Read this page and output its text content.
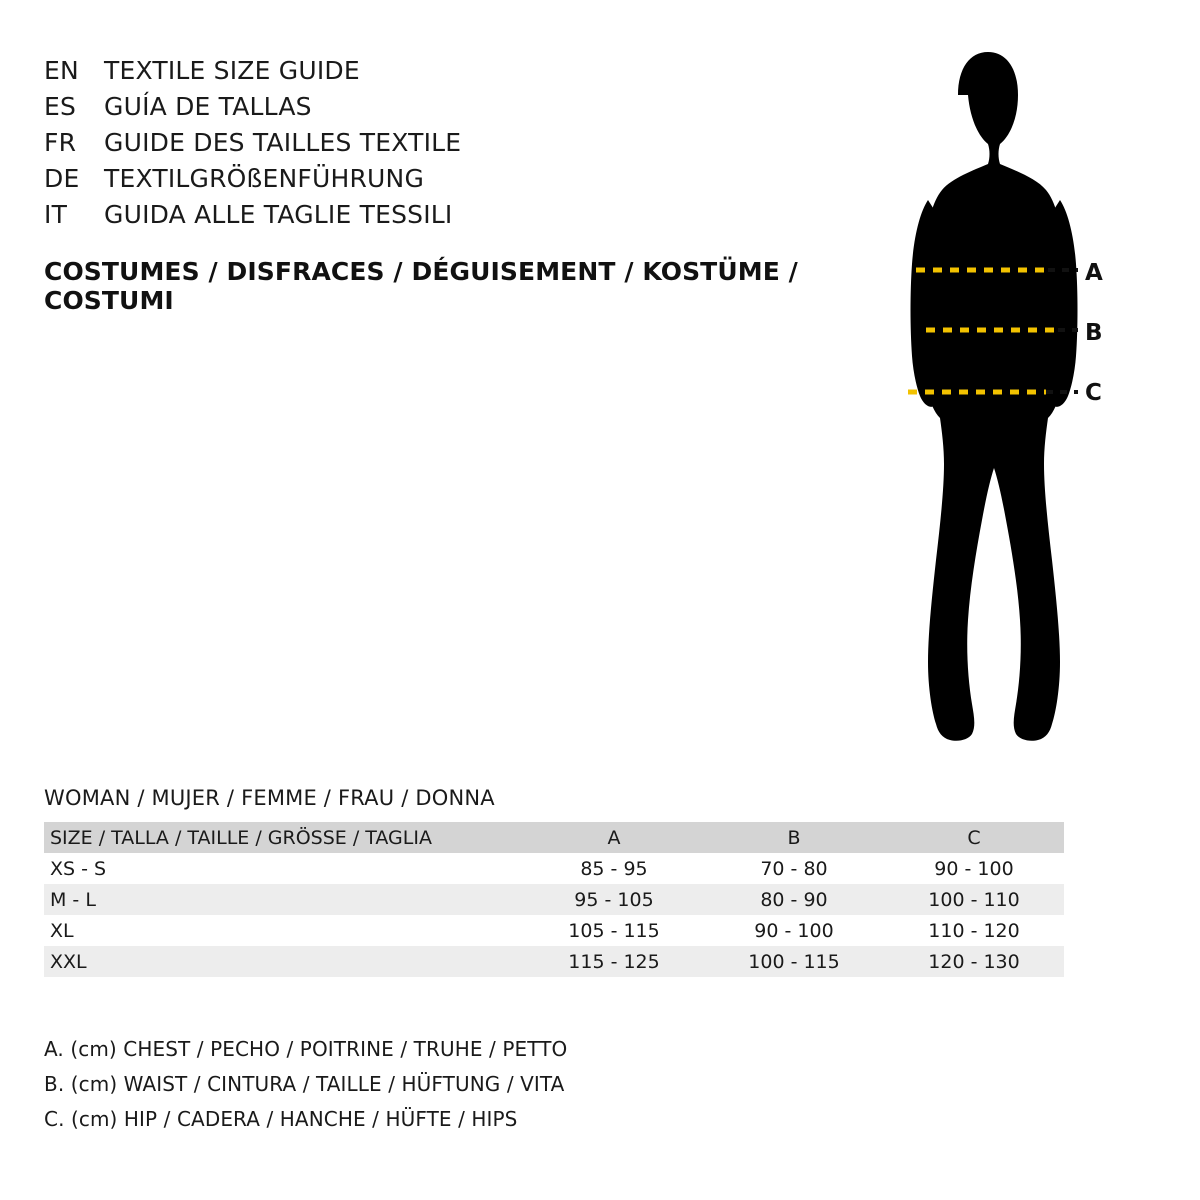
EN	TEXTILE SIZE GUIDE
ES	GUÍA DE TALLAS
FR	GUIDE DES TAILLES TEXTILE
DE TEXTILGRÖßENFÜHRUNG
IT	GUIDA ALLE TAGLIE TESSILI
COSTUMES / DISFRACES / DÉGUISEMENT / KOSTÜME / COSTUMI
A
B
C
WOMAN / MUJER / FEMME / FRAU / DONNA
SIZE / TALLA / TAILLE / GRÖSSE / TAGLIA	A	B	C
XS - S	85 - 95	70 - 80	90 - 100
M - L	95 - 105	80 - 90	100 - 110
XL	105 - 115	90 - 100	110 - 120
XXL	115 - 125	100 - 115	120 - 130
A. (cm) CHEST / PECHO / POITRINE / TRUHE / PETTO
B. (cm) WAIST / CINTURA / TAILLE / HÜFTUNG / VITA
C. (cm) HIP / CADERA / HANCHE / HÜFTE / HIPS
